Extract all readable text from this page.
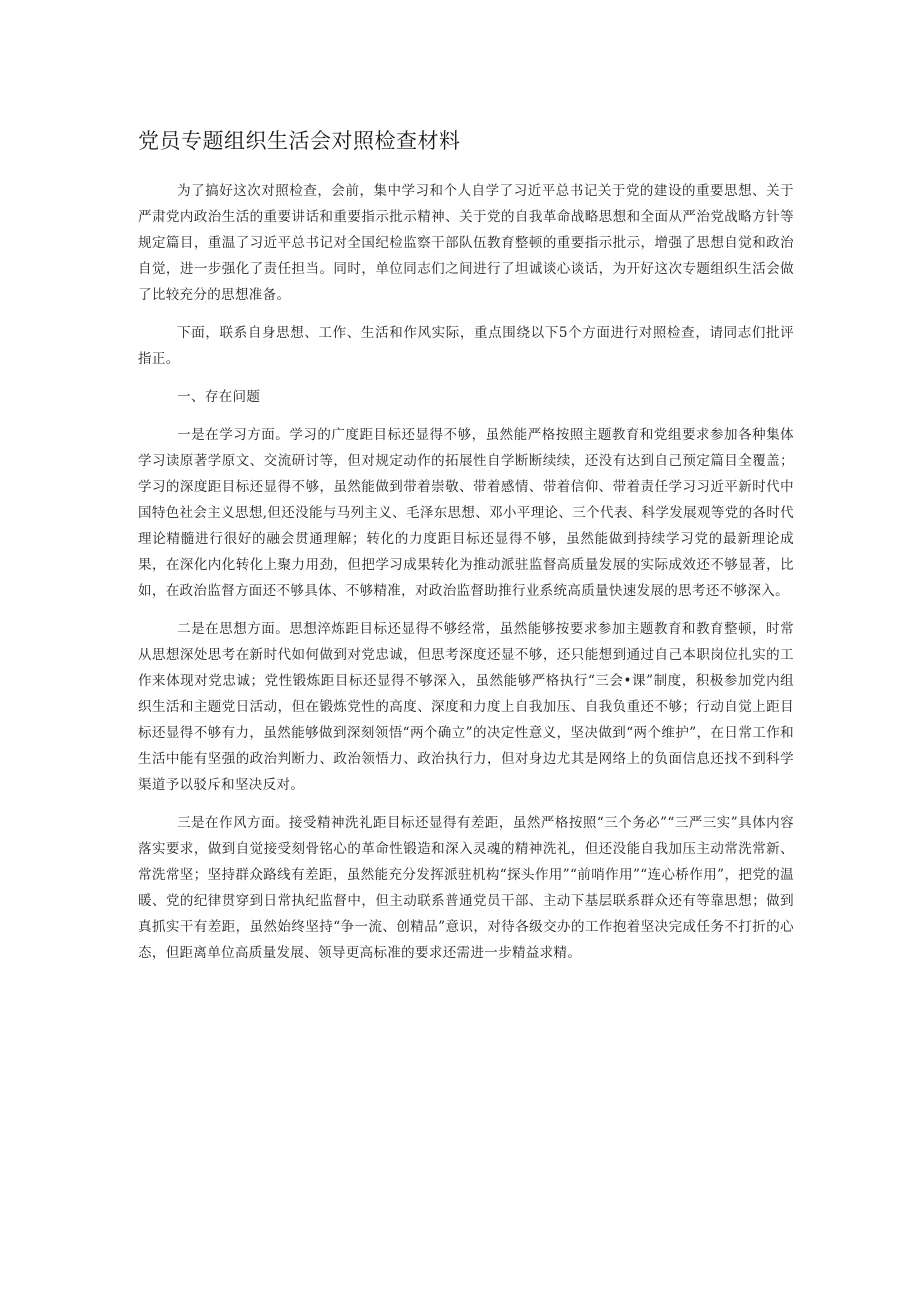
党员专题组织生活会对照检查材料

为了搞好这次对照检查，会前，集中学习和个人自学了习近平总书记关于党的建设的重要思想、关于严肃党内政治生活的重要讲话和重要指示批示精神、关于党的自我革命战略思想和全面从严治党战略方针等规定篇目，重温了习近平总书记对全国纪检监察干部队伍教育整顿的重要指示批示，增强了思想自觉和政治自觉，进一步强化了责任担当。同时，单位同志们之间进行了坦诚谈心谈话，为开好这次专题组织生活会做了比较充分的思想准备。

下面，联系自身思想、工作、生活和作风实际，重点围绕以下5个方面进行对照检查，请同志们批评指正。

一、存在问题

一是在学习方面。学习的广度距目标还显得不够，虽然能严格按照主题教育和党组要求参加各种集体学习读原著学原文、交流研讨等，但对规定动作的拓展性自学断断续续，还没有达到自己预定篇目全覆盖；学习的深度距目标还显得不够，虽然能做到带着崇敬、带着感情、带着信仰、带着责任学习习近平新时代中国特色社会主义思想,但还没能与马列主义、毛泽东思想、邓小平理论、三个代表、科学发展观等党的各时代理论精髓进行很好的融会贯通理解；转化的力度距目标还显得不够，虽然能做到持续学习党的最新理论成果，在深化内化转化上聚力用劲，但把学习成果转化为推动派驻监督高质量发展的实际成效还不够显著，比如，在政治监督方面还不够具体、不够精准，对政治监督助推行业系统高质量快速发展的思考还不够深入。

二是在思想方面。思想淬炼距目标还显得不够经常，虽然能够按要求参加主题教育和教育整顿，时常从思想深处思考在新时代如何做到对党忠诚，但思考深度还显不够，还只能想到通过自己本职岗位扎实的工作来体现对党忠诚；党性锻炼距目标还显得不够深入，虽然能够严格执行“三会•课”制度，积极参加党内组织生活和主题党日活动，但在锻炼党性的高度、深度和力度上自我加压、自我负重还不够；行动自觉上距目标还显得不够有力，虽然能够做到深刻领悟“两个确立”的决定性意义，坚决做到“两个维护”，在日常工作和生活中能有坚强的政治判断力、政治领悟力、政治执行力，但对身边尤其是网络上的负面信息还找不到科学渠道予以驳斥和坚决反对。

三是在作风方面。接受精神洗礼距目标还显得有差距，虽然严格按照“三个务必”“三严三实”具体内容落实要求，做到自觉接受刻骨铭心的革命性锻造和深入灵魂的精神洗礼，但还没能自我加压主动常洗常新、常洗常坚；坚持群众路线有差距，虽然能充分发挥派驻机构“探头作用”“前哨作用”“连心桥作用”，把党的温暖、党的纪律贯穿到日常执纪监督中，但主动联系普通党员干部、主动下基层联系群众还有等靠思想；做到真抓实干有差距，虽然始终坚持“争一流、创精品”意识，对待各级交办的工作抱着坚决完成任务不打折的心态，但距离单位高质量发展、领导更高标准的要求还需进一步精益求精。
